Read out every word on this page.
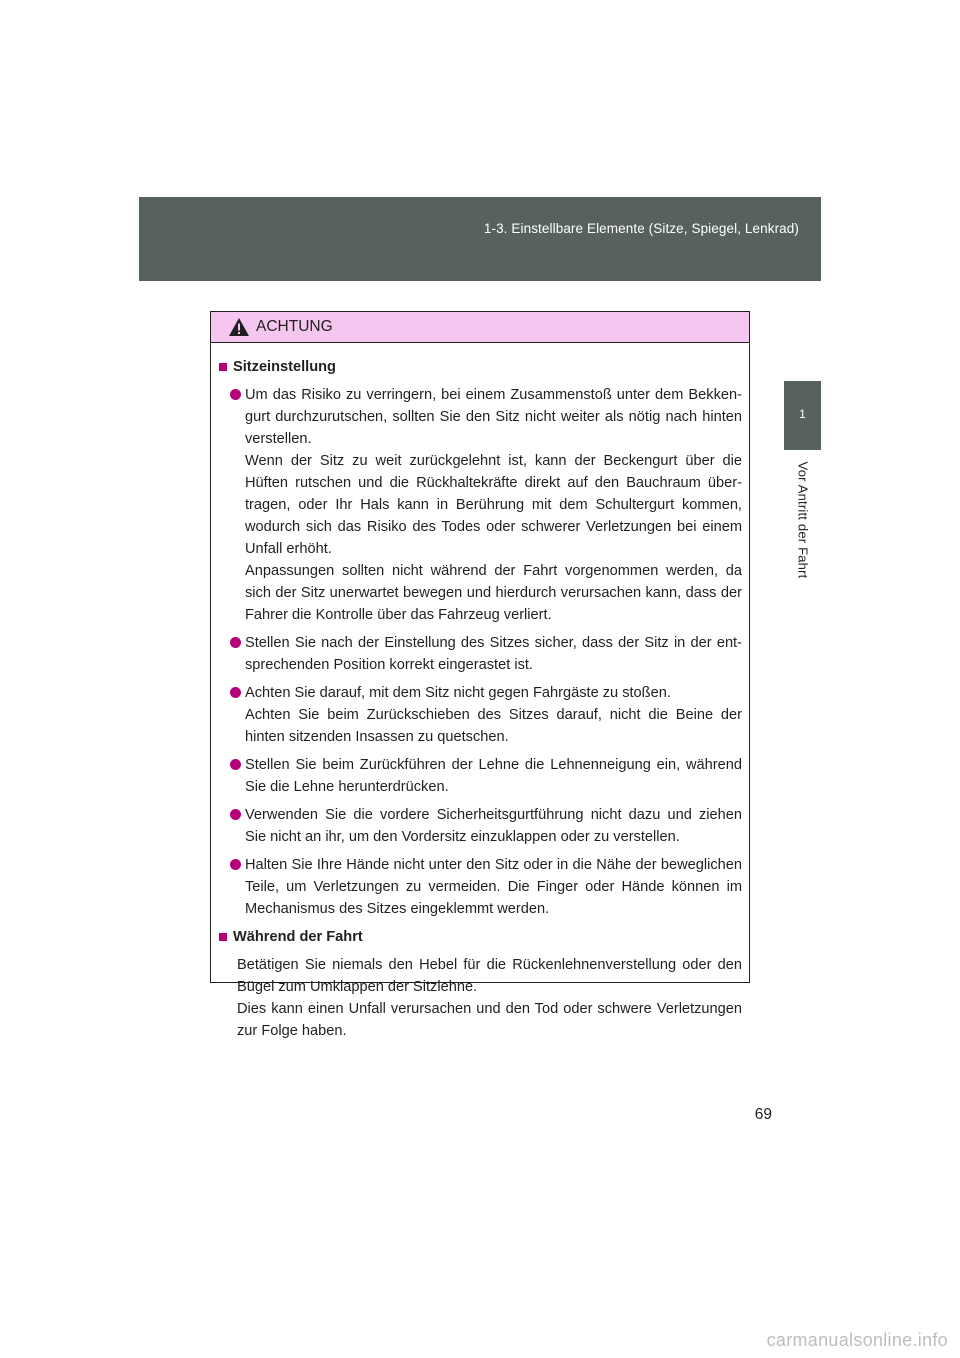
1-3. Einstellbare Elemente (Sitze, Spiegel, Lenkrad)
1
Vor Antritt der Fahrt
ACHTUNG
Sitzeinstellung

Um das Risiko zu verringern, bei einem Zusammenstoß unter dem Bekkengurt durchzurutschen, sollten Sie den Sitz nicht weiter als nötig nach hinten verstellen.

Wenn der Sitz zu weit zurückgelehnt ist, kann der Beckengurt über die Hüften rutschen und die Rückhaltekräfte direkt auf den Bauchraum übertragen, oder Ihr Hals kann in Berührung mit dem Schultergurt kommen, wodurch sich das Risiko des Todes oder schwerer Verletzungen bei einem Unfall erhöht.

Anpassungen sollten nicht während der Fahrt vorgenommen werden, da sich der Sitz unerwartet bewegen und hierdurch verursachen kann, dass der Fahrer die Kontrolle über das Fahrzeug verliert.

Stellen Sie nach der Einstellung des Sitzes sicher, dass der Sitz in der entsprechenden Position korrekt eingerastet ist.

Achten Sie darauf, mit dem Sitz nicht gegen Fahrgäste zu stoßen.

Achten Sie beim Zurückschieben des Sitzes darauf, nicht die Beine der hinten sitzenden Insassen zu quetschen.

Stellen Sie beim Zurückführen der Lehne die Lehnenneigung ein, während Sie die Lehne herunterdrücken.

Verwenden Sie die vordere Sicherheitsgurtführung nicht dazu und ziehen Sie nicht an ihr, um den Vordersitz einzuklappen oder zu verstellen.

Halten Sie Ihre Hände nicht unter den Sitz oder in die Nähe der beweglichen Teile, um Verletzungen zu vermeiden. Die Finger oder Hände können im Mechanismus des Sitzes eingeklemmt werden.

Während der Fahrt

Betätigen Sie niemals den Hebel für die Rückenlehnenverstellung oder den Bügel zum Umklappen der Sitzlehne.

Dies kann einen Unfall verursachen und den Tod oder schwere Verletzungen zur Folge haben.

69
carmanualsonline.info
